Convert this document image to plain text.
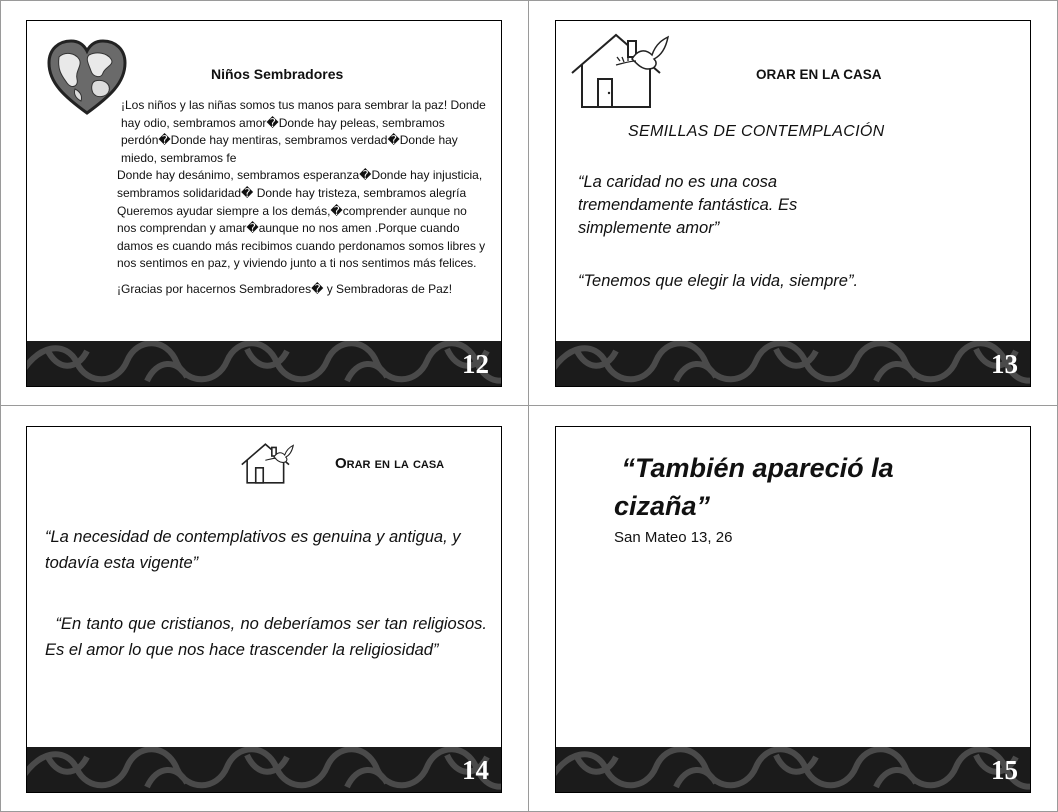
Niños Sembradores

¡Los niños y las niñas somos tus manos para sembrar la paz! Donde hay odio, sembramos amor�Donde hay peleas, sembramos perdón�Donde hay mentiras, sembramos verdad�Donde hay miedo, sembramos fe

Donde hay desánimo, sembramos esperanza�Donde hay injusticia, sembramos solidaridad� Donde hay tristeza, sembramos alegría

Queremos ayudar siempre a los demás,�comprender aunque no nos comprendan y amar�aunque no nos amen .Porque cuando damos es cuando más recibimos cuando perdonamos somos libres y nos sentimos en paz, y viviendo junto a ti nos sentimos más felices.

¡Gracias por hacernos Sembradores� y Sembradoras de Paz!

12
ORAR EN LA CASA
SEMILLAS DE CONTEMPLACIÓN
“La caridad no es una cosa tremendamente fantástica. Es simplemente amor”
“Tenemos que elegir la vida, siempre”.
13
Orar en la casa
“La necesidad de contemplativos es genuina y antigua, y todavía esta vigente”
“En tanto que cristianos, no deberíamos ser tan religiosos. Es el amor lo que nos hace trascender la religiosidad”
14
“También apareció la cizaña”
San Mateo 13, 26
15
